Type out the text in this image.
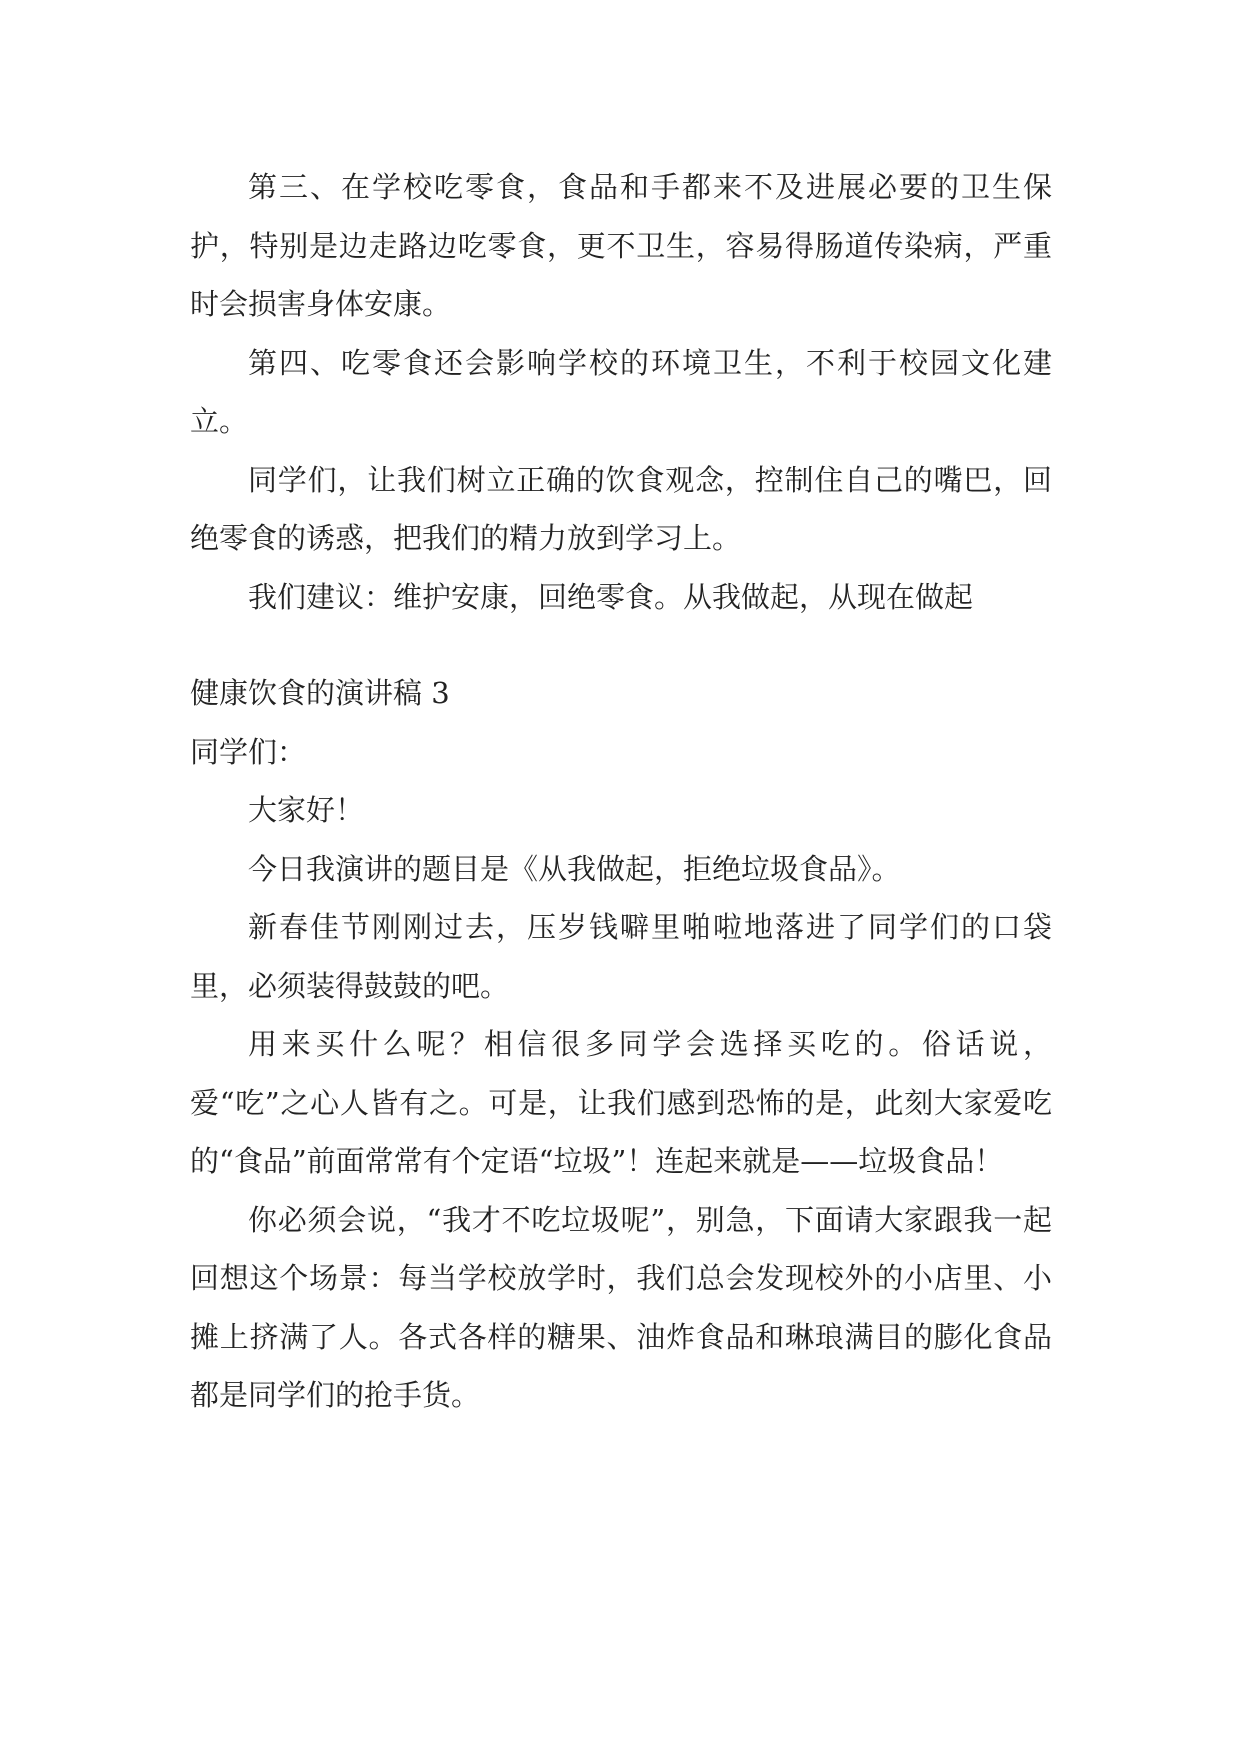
第三、在学校吃零食，食品和手都来不及进展必要的卫生保护，特别是边走路边吃零食，更不卫生，容易得肠道传染病，严重时会损害身体安康。

第四、吃零食还会影响学校的环境卫生，不利于校园文化建立。

同学们，让我们树立正确的饮食观念，控制住自己的嘴巴，回绝零食的诱惑，把我们的精力放到学习上。

我们建议：维护安康，回绝零食。从我做起，从现在做起

健康饮食的演讲稿 3

同学们：

大家好！

今日我演讲的题目是《从我做起，拒绝垃圾食品》。

新春佳节刚刚过去，压岁钱噼里啪啦地落进了同学们的口袋里，必须装得鼓鼓的吧。

用来买什么呢？相信很多同学会选择买吃的。俗话说，爱“吃”之心人皆有之。可是，让我们感到恐怖的是，此刻大家爱吃的“食品”前面常常有个定语“垃圾”！连起来就是——垃圾食品！

你必须会说，“我才不吃垃圾呢”，别急，下面请大家跟我一起回想这个场景：每当学校放学时，我们总会发现校外的小店里、小摊上挤满了人。各式各样的糖果、油炸食品和琳琅满目的膨化食品都是同学们的抢手货。
